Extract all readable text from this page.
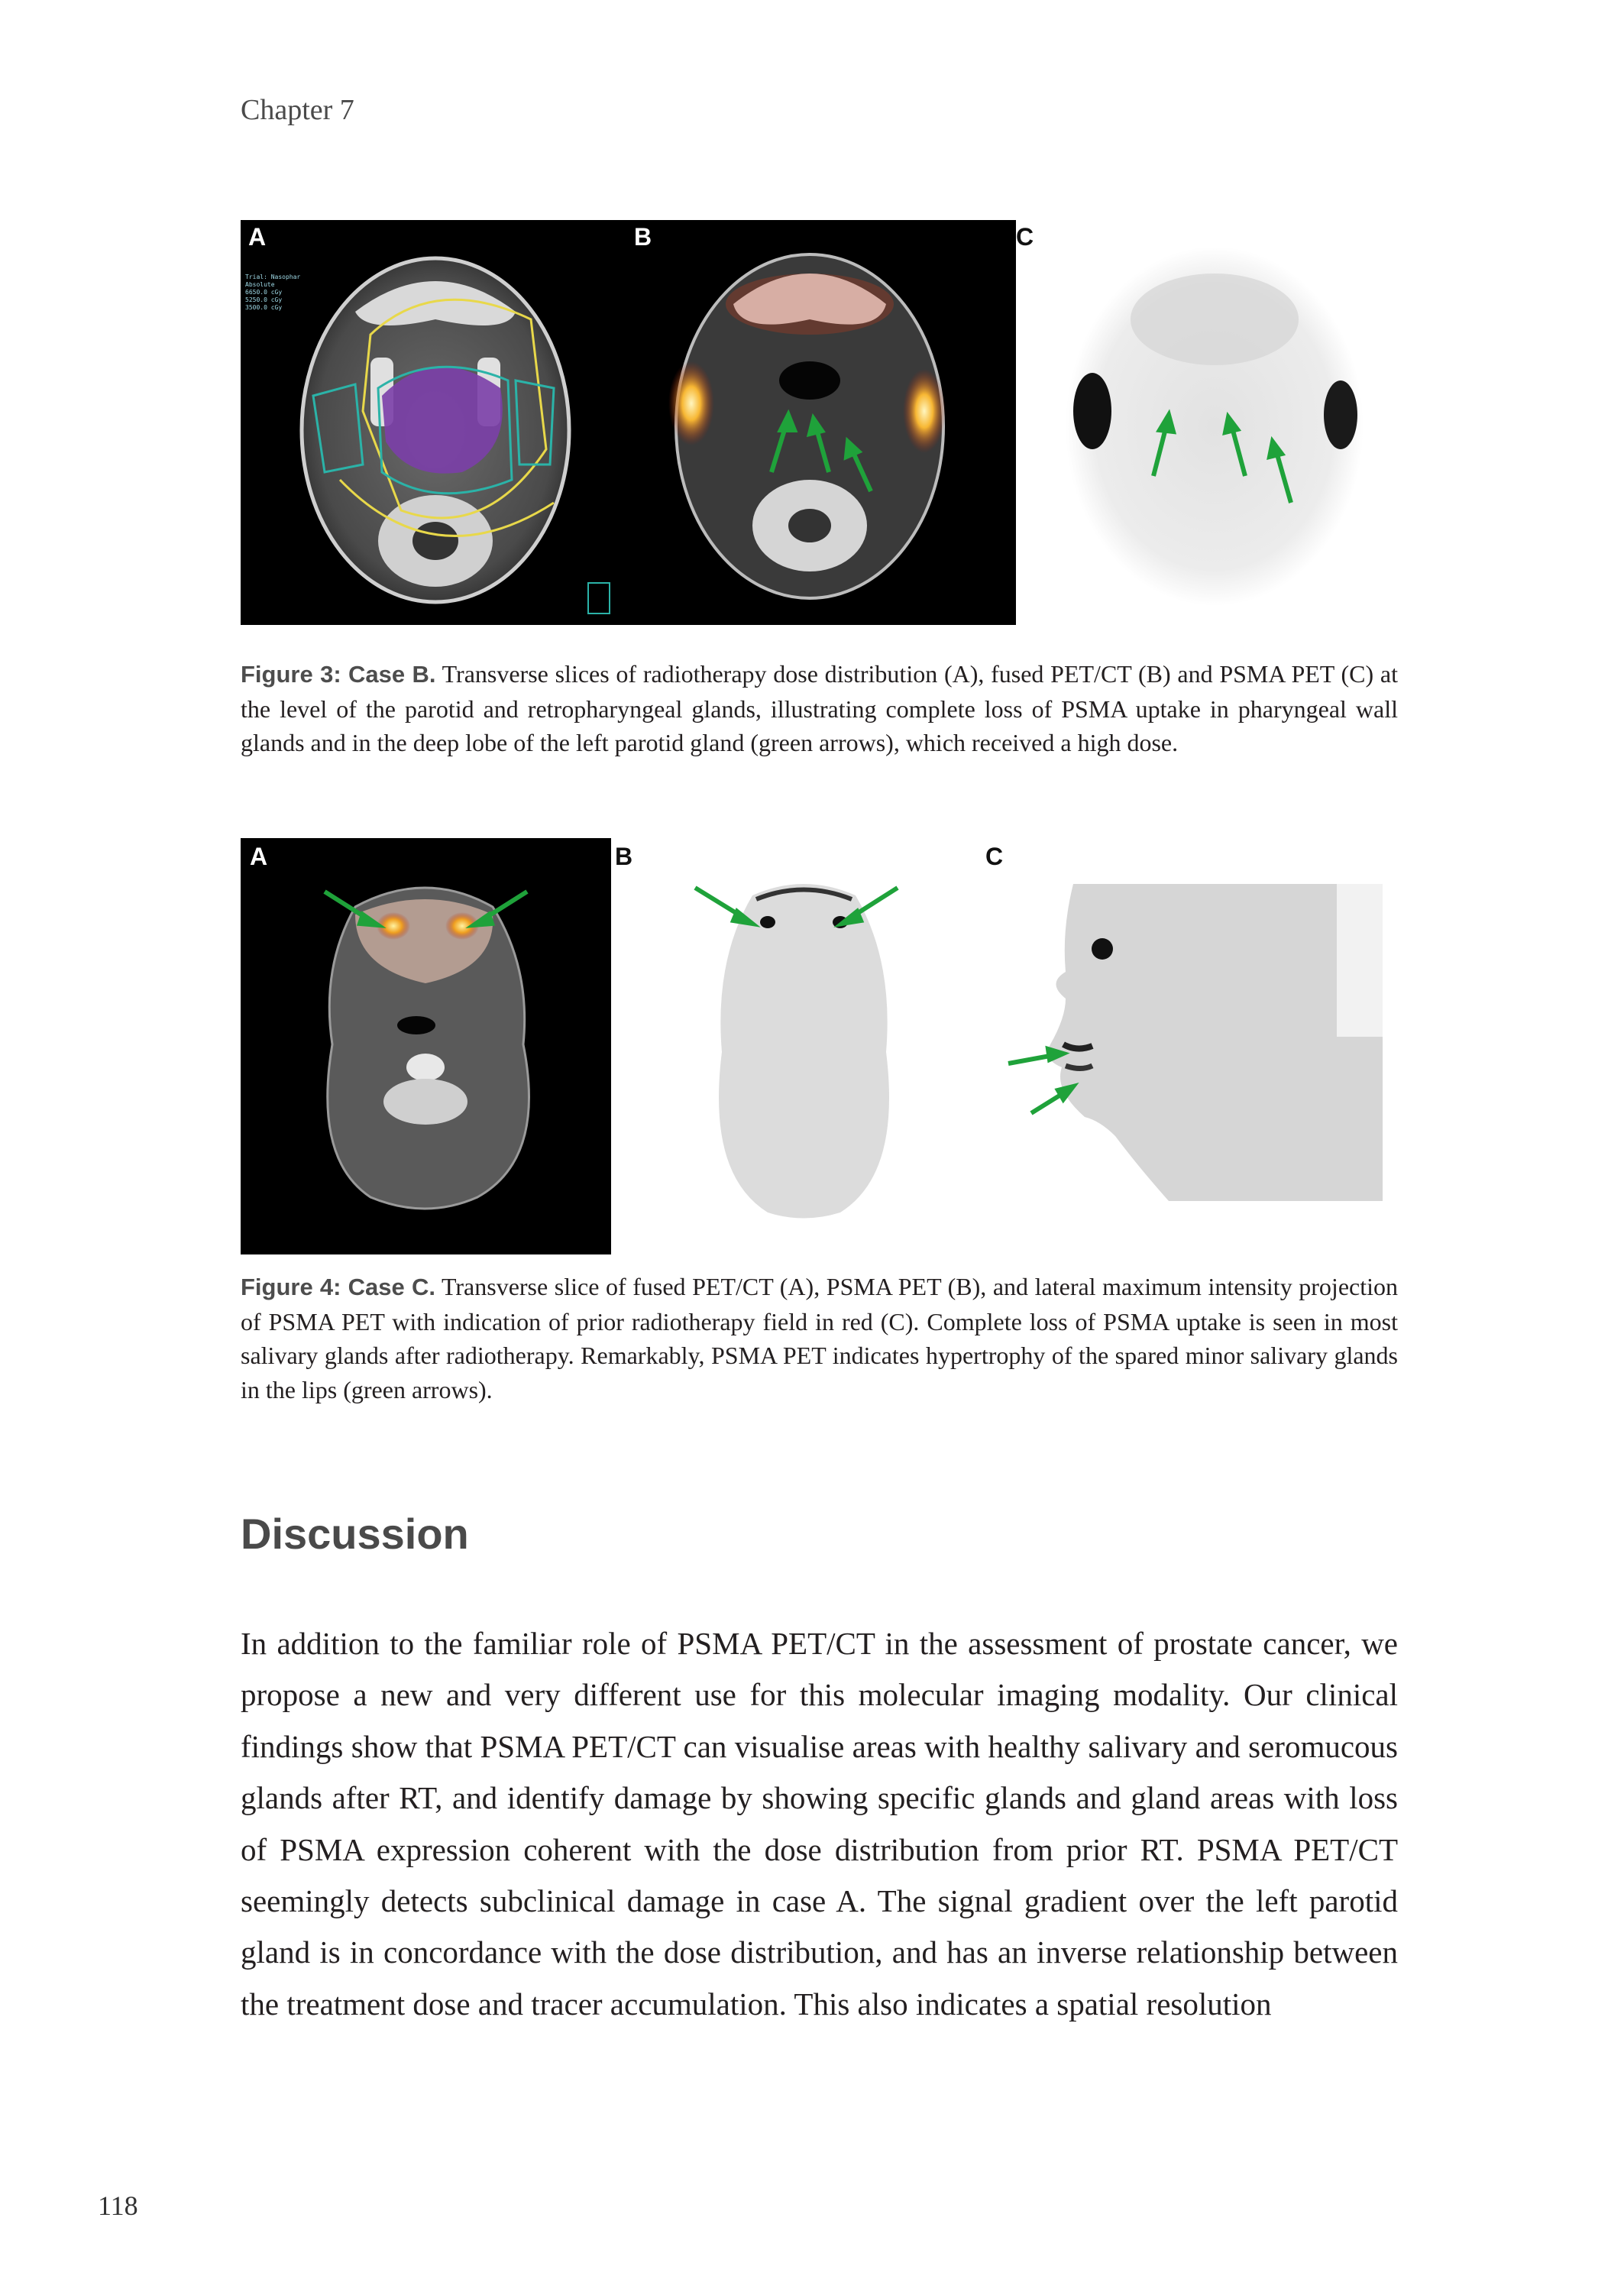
Chapter 7
A
Trial: Nasophar
Absolute
6650.0 cGy
5250.0 cGy
3500.0 cGy
B	C
Figure 3: Case B. Transverse slices of radiotherapy dose distribution (A), fused PET/CT (B) and PSMA PET (C) at the level of the parotid and retropharyngeal glands, illustrating complete loss of PSMA uptake in pharyngeal wall glands and in the deep lobe of the left parotid gland (green arrows), which received a high dose.
A	B	C
Figure 4: Case C. Transverse slice of fused PET/CT (A), PSMA PET (B), and lateral maximum intensity projection of PSMA PET with indication of prior radiotherapy field in red (C). Complete loss of PSMA uptake is seen in most salivary glands after radiotherapy. Remarkably, PSMA PET indicates hypertrophy of the spared minor salivary glands in the lips (green arrows).
Discussion
In addition to the familiar role of PSMA PET/CT in the assessment of prostate cancer, we propose a new and very different use for this molecular imaging modality. Our clinical findings show that PSMA PET/CT can visualise areas with healthy salivary and seromucous glands after RT, and identify damage by showing specific glands and gland areas with loss of PSMA expression coherent with the dose distribution from prior RT. PSMA PET/CT seemingly detects subclinical damage in case A. The signal gradient over the left parotid gland is in concordance with the dose distribution, and has an inverse relationship between the treatment dose and tracer accumulation. This also indicates a spatial resolution
118
